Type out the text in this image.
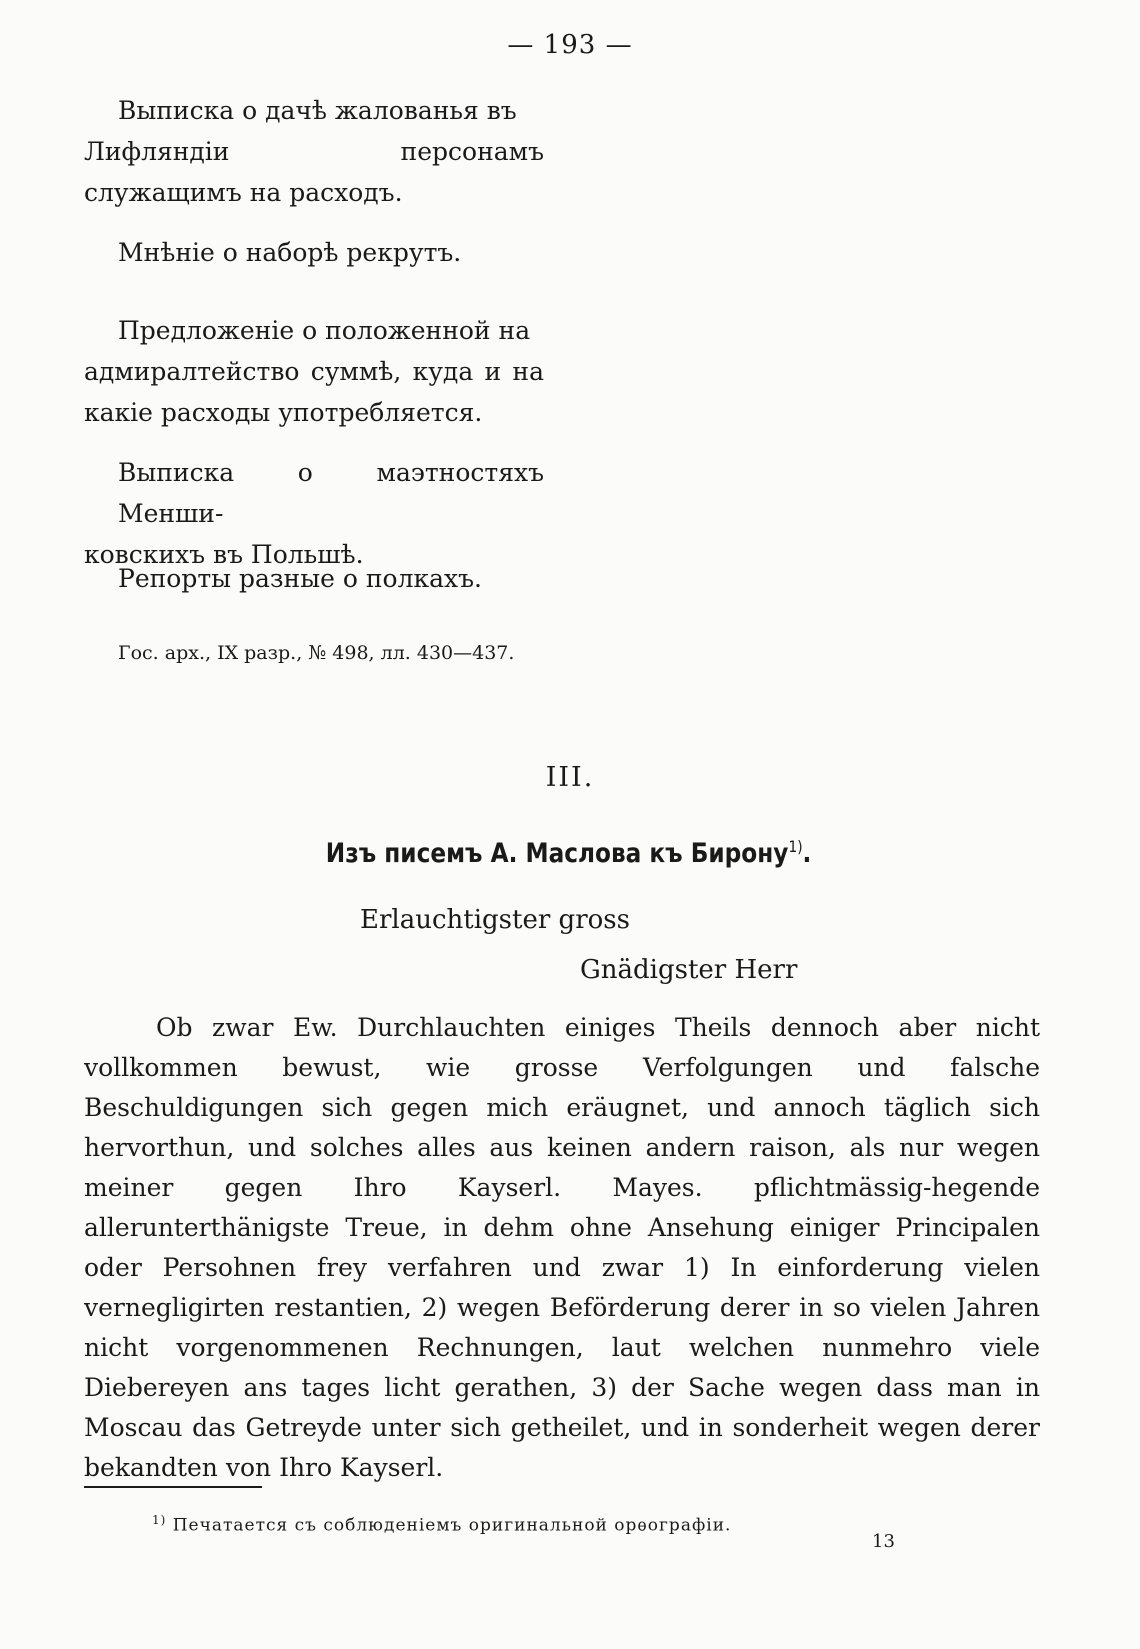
— 193 —

Выписка о дачѣ жалованья въ

Лифляндіи персонамъ служащимъ на расходъ.

Мнѣніе о наборѣ рекрутъ.

Предложеніе о положенной на

адмиралтейство суммѣ, куда и на какіе расходы употребляется.

Выписка о маэтностяхъ Менши-

ковскихъ въ Польшѣ.

Репорты разные о полкахъ.

Гос. арх., IX разр., № 498, лл. 430—437.
III.
Изъ писемъ А. Маслова къ Бирону$^{1)}$.
Erlauchtigster gross
Gnädigster Herr

Ob zwar Ew. Durchlauchten einiges Theils dennoch aber nicht vollkommen bewust, wie grosse Verfolgungen und falsche Beschuldigungen sich gegen mich eräugnet, und annoch täglich sich hervorthun, und solches alles aus keinen andern raison, als nur wegen meiner gegen Ihro Kayserl. Mayes. pflichtmässig-hegende allerunterthänigste Treue, in dehm ohne Ansehung einiger Principalen oder Persohnen frey verfahren und zwar 1) In einforderung vielen vernegligirten restantien, 2) wegen Beförderung derer in so vielen Jahren nicht vorgenommenen Rechnungen, laut welchen nunmehro viele Diebereyen ans tages licht gerathen, 3) der Sache wegen dass man in Moscau das Getreyde unter sich getheilet, und in sonderheit wegen derer bekandten von Ihro Kayserl.

$^{1)}$ Печатается съ соблюденіемъ оригинальной орѳографіи.
13
